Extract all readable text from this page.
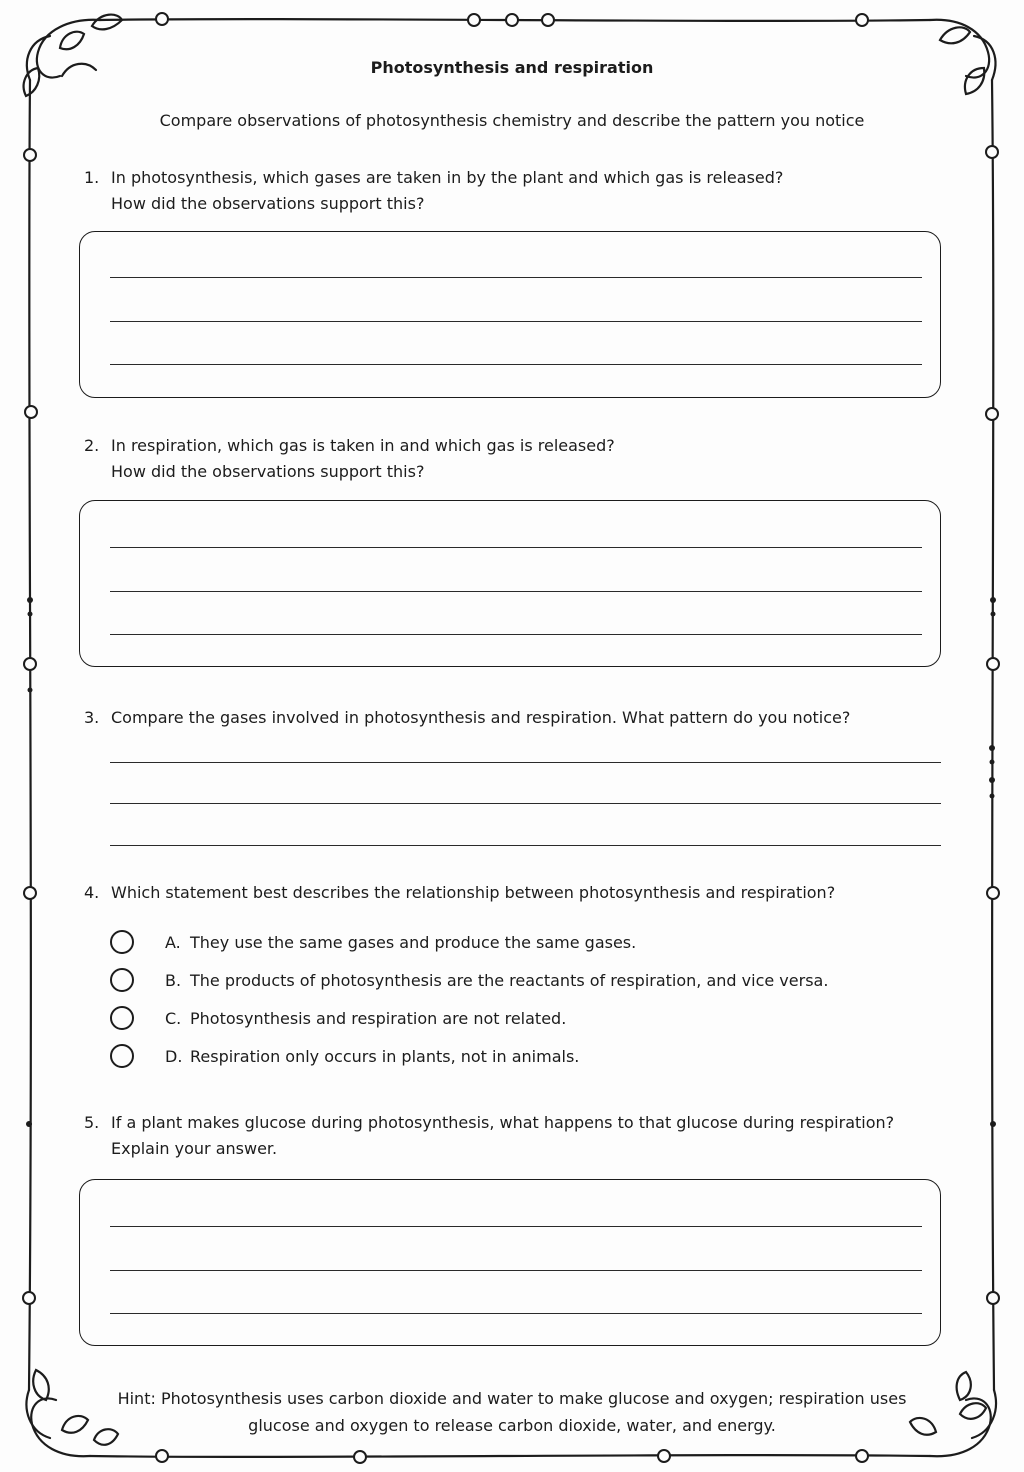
Photosynthesis and respiration
Compare observations of photosynthesis chemistry and describe the pattern you notice
1. In photosynthesis, which gases are taken in by the plant and which gas is released?
How did the observations support this?
2. In respiration, which gas is taken in and which gas is released?
How did the observations support this?
3. Compare the gases involved in photosynthesis and respiration. What pattern do you notice?
4. Which statement best describes the relationship between photosynthesis and respiration?
A. They use the same gases and produce the same gases.
B. The products of photosynthesis are the reactants of respiration, and vice versa.
C. Photosynthesis and respiration are not related.
D. Respiration only occurs in plants, not in animals.
5. If a plant makes glucose during photosynthesis, what happens to that glucose during respiration?
Explain your answer.
Hint: Photosynthesis uses carbon dioxide and water to make glucose and oxygen; respiration uses
glucose and oxygen to release carbon dioxide, water, and energy.
